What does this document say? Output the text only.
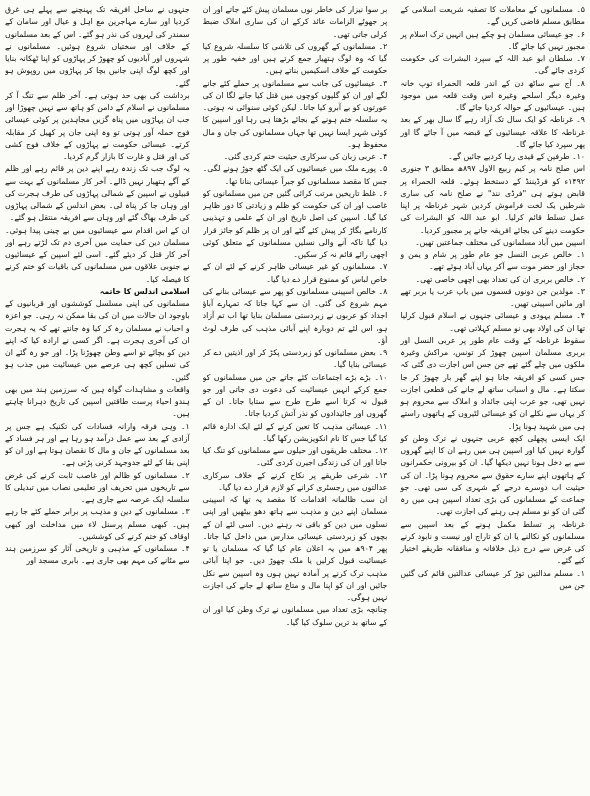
۵۔ مسلمانوں کے معاملات کا تصفیہ شریعت اسلامی کے مطابق مسلم قاضی کریں گے۔

۶۔ جو عیسائی مسلمان ہو چکے ہیں انہیں ترک اسلام پر مجبور نہیں کیا جائے گا۔

۷۔ سلطان ابو عبد اللہ کے سپرد البشرات کی حکومت کردی جائے گی۔

۸۔ آج سے ساٹھ دن کے اندر قلعہ الحمراء توپ خانہ وغیرہ دیگر اسلحے وغیرہ اس وقت قلعہ میں موجود ہیں۔ عیسائیوں کے حوالہ کردیا جائے گا۔

۹۔ غرناطہ کو ایک سال تک آزاد رہے گا سال بھر کے بعد غرناطہ کا علاقہ عیسائیوں کے قبضہ میں آ جائے گا اور پھر سپرد کیا جائے گا۔

۱۰۔ طرفین کے قیدی رہا کردیے جائیں گے۔

اس صلح نامہ پر کیم ربیع الاول ۸۹۷ھ مطابق ۳ جنوری ۱۴۹۲ء کو فرڈیننڈ کے دستخط ہوئے۔ قلعہ الحمراء پر قابض ہوتے ہی "فرڈی نند" نے صلح نامہ کی ساری شرطیں یک لخت فراموش کردیں شہر غرناطہ پر اپنا عمل تسلط قائم کرلیا۔ ابو عبد اللہ کو البشرات کی حکومت دینے کی بجائے افریقہ جانے پر مجبور کردیا۔

اسپین میں آباد مسلمانوں کی مختلف جماعتیں تھیں۔

۱۔ خالص عربی النسل جو عام طور پر شام و یمن و حجاز اور حضر موت سے آکر یہاں آباد ہوئے تھے۔

۲۔ خالص بربری ان کی تعداد بھی اچھی خاصی تھی۔

۳۔ مولدین جن دونوں قسموں میں باپ عرب یا بربر تھے اور مائیں اسپینی تھیں۔

۴۔ مسلم یہودی و عیسائی جنہوں نے اسلام قبول کرلیا تھا ان کی اولاد بھی نو مسلم کہلاتی تھی۔

سقوط غرناطہ کے وقت عام طور پر عربی النسل اور بربری مسلمان اسپین چھوڑ کر تونس، مراکش وغیرہ ملکوں میں چلے گئے تھے جن جس اس اجازت دی گئی کہ جس کسی کو افریقہ جانا ہو اپنے گھر بار چھوڑ کر جا سکتا ہے۔ مال و اسباب ساتھ لے جانے کی قطعی اجازت نہیں تھی، جو عرب اپنی جائداد و املاک سے محروم ہو کر یہاں سے نکلے ان کو عیسائی لٹیروں کے ہاتھوں راستے ہی میں شہید ہونا پڑا۔

ایک ایسی پچھلی کچھ عربی جنہوں نے ترک وطن کو گوارہ نہیں کیا اور اسپین ہی میں رہے ان کا اپنے گھروں سے بے دخل ہونا نہیں دیکھا گیا۔ ان کو بیرونی حکمرانوں کے ہاتھوں اپنے سارے حقوق سے محروم ہونا پڑا۔ ان کی حیثیت اب دوسرے درجے کے شہری کی سی تھی۔ جو جماعت کے مسلمانوں کی بڑی تعداد اسپین ہی میں رہ گئی ان کو نو مسلم ہی رہنے کی اجازت تھی۔

غرناطہ پر تسلط مکمل ہونے کے بعد اسپین سے مسلمانوں کو نکالنے یا ان کو تاراج اور نیست و نابود کرنے کی غرض سے درج ذیل خلافانہ و منافقانہ طریقے اختیار کیے گئے۔

۱۔ مسلم مدالتیں توڑ کر عیسائی عدالتیں قائم کی گئیں جن میں

بر سوا نیزار کی خاطر نوں مسلمان پیش کئے جاتے اور ان پر جھوٹے الزامات عائد کرکے ان کی ساری املاک ضبط کرلی جاتی تھی۔

۲۔ مسلمانوں کے گھروں کی تلاشی کا سلسلہ شروع کیا گیا کہ وہ لوگ ہتھیار جمع کرتے ہیں اور خفیہ طور پر حکومت کے خلاف اسکیمیں بناتے ہیں۔

۳۔ عیسائیوں کی جانب سے مسلمانوں پر حملے کئے جانے لگے اور ان کو گلیوں کوچوں میں قتل کیا جانے لگا ان کی عورتوں کو بے آبرو کیا جاتا۔ لیکن کوئی سنوائی نہ ہوتی۔ یہ سلسلہ ختم ہونے کے بجائے بڑھتا ہی رہا اور اسپین کا کوئی شہر ایسا نہیں تھا جہاں مسلمانوں کی جان و مال محفوظ ہو۔

۴۔ عربی زبان کی سرکاری حیثیت ختم کردی گئی۔

۵۔ پورے ملک میں عیسائیوں کی ایک گٹھ جوڑ ہونے لگی۔ جس کا مقصد مسلمانوں کو جبراً عیسائی بنانا تھا۔

۶۔ غلط تاریخیں مرتب کرائی گئیں جن میں مسلمانوں کو غاصب اور ان کی حکومت کو ظلم و زیادتی کا دور ظاہر کیا گیا۔ اسپین کی اصل تاریخ اور ان کے علمی و تہذیبی کارنامے بگاڑ کر پیش کئے گئے اور ان پر ظلم کو جائز قرار دیا گیا تاکہ آنے والی نسلیں مسلمانوں کے متعلق کوئی اچھی رائے قائم نہ کر سکیں۔

۷۔ مسلمانوں کو غیر عیسائی ظاہر کرنے کے لئے ان کے خاص لباس کو ممنوع قرار دے دیا گیا۔

۸۔ خالص اسپینی مسلمانوں کو پھر سے عیسائی بنانے کی مہم شروع کی گئی۔ ان سے کہا جاتا کہ تمہارے آباؤ اجداد کو عربوں نے زبردستی مسلمان بنایا تھا اب تم آزاد ہو، اس لئے تم دوبارہ اپنے آبائی مذہب کی طرف لوٹ آؤ۔

۹۔ بعض مسلمانوں کو زبردستی پکڑ کر اور اذیتیں دے کر عیسائی بنایا گیا۔

۱۰۔ بڑے بڑے اجتماعات کئے جاتے جن میں مسلمانوں کو جمع کرکے انہیں عیسائیت کی دعوت دی جاتی اور جو قبول نہ کرتا اسے طرح طرح سے ستایا جاتا۔ ان کے گھروں اور جائیدادوں کو نذر آتش کردیا جاتا۔

۱۱۔ عیسائی مذہب کا تعین کرنے کے لئے ایک ادارہ قائم کیا گیا جس کا نام انکویزیشن رکھا گیا۔

۱۲۔ مختلف طریقوں اور حیلوں سے مسلمانوں کو تنگ کیا جاتا اور ان کی زندگی اجیرن کردی گئی۔

۱۳۔ شرعی طریقے پر نکاح کرنے کے خلاف سرکاری عدالتوں میں رجسٹری کرانے کو لازم قرار دے دیا گیا۔

ان سب ظالمانہ اقدامات کا مقصد یہ تھا کہ اسپینی مسلمان اپنے دین و مذہب سے ہاتھ دھو بیٹھیں اور اپنی نسلوں میں دین کو باقی نہ رہنے دیں۔ اسی لئے ان کے بچوں کو زبردستی عیسائی مدارس میں داخل کیا جاتا۔ پھر ۹۰۴ھ میں یہ اعلان عام کیا گیا کہ مسلمان یا تو عیسائیت قبول کرلیں یا ملک چھوڑ دیں۔ جو اپنا آبائی مذہب ترک کرنے پر آمادہ نہیں ہوں وہ اسپین سے نکل جائیں اور ان کو اپنا مال و متاع ساتھ لے جانے کی اجازت نہیں ہوگی۔

چنانچہ بڑی تعداد میں مسلمانوں نے ترک وطن کیا اور ان کے ساتھ بد ترین سلوک کیا گیا۔

جنہوں نے ساحل افریقہ تک پہنچنے سے پہلے ہی غرق کردیا اور سارے مہاجرین مع اہل و عیال اور سامان کے سمندر کی لہروں کی نذر ہو گئے۔ اس کے بعد مسلمانوں کے خلاف اور سختیاں شروع ہوئیں۔ مسلمانوں نے شہروں اور آبادیوں کو چھوڑ کر پہاڑوں کو اپنا ٹھکانہ بنایا اور کچھ لوگ اپنی جانیں بچا کر پہاڑوں میں روپوش ہو گئے۔

برداشت کی بھی حد ہوتی ہے۔ آخر ظلم سے تنگ آ کر مسلمانوں نے اسلام کے دامن کو ہاتھ سے نہیں چھوڑا اور جب ان پہاڑوں میں پناہ گزیں مجاہدین پر کوئی عیسائی فوج حملہ آور ہوتی تو وہ اپنی جان پر کھیل کر مقابلہ کرتے۔ عیسائی حکومت نے پہاڑوں کے خلاف فوج کشی کی اور قتل و غارت کا بازار گرم کردیا۔

یہ لوگ جب تک زندہ رہے اپنے دین پر قائم رہے اور ظلم کے آگے ہتھیار نہیں ڈالے۔ آخر کار مسلمانوں کے بہت سے قبیلوں نے اسپین کے شمالی پہاڑوں کی طرف ہجرت کی اور وہاں جا کر پناہ لی۔ بعض اندلس کے شمالی پہاڑوں کی طرف بھاگ گئے اور وہاں سے افریقہ منتقل ہو گئے۔

ان کے اس اقدام سے عیسائیوں میں بے چینی پیدا ہوئی۔ مسلمان دین کی حمایت میں آخری دم تک لڑتے رہے اور آخر کار قتل کر دیئے گئے۔ اسی لئے اسپین کے عیسائیوں نے جنوبی علاقوں میں مسلمانوں کی باقیات کو ختم کرنے کا فیصلہ کیا۔

اسلامی اندلس کا خاتمہ

مسلمانوں کی اپنی مسلسل کوششوں اور قربانیوں کے باوجود ان حالات میں ان کی بقا ممکن نہ رہی۔ جو اعزہ و احباب نے مسلمان رہ کر کیا وہ جانتے تھے کہ یہ ہجرت ان کی آخری ہجرت ہے۔ اگر کسی نے ارادہ کیا کہ اپنے دین کو بچائے تو اسے وطن چھوڑنا پڑا۔ اور جو رہ گئے ان کی نسلیں کچھ ہی عرصے میں عیسائیت میں جذب ہو گئیں۔

واقعات و مشاہدات گواہ ہیں کہ سرزمین ہند میں بھی ہندو احیاء پرست طاقتیں اسپین کی تاریخ دہرانا چاہتے ہیں۔

۱۔ وہی فرقہ وارانہ فسادات کی تکنیک ہے جس پر آزادی کے بعد سے عمل درآمد ہو رہا ہے اور ہر فساد کے بعد مسلمانوں کے جان و مال کا نقصان ہوتا ہے اور ان کو اپنی بقا کے لئے جدوجہد کرنی پڑتی ہے۔

۲۔ مسلمانوں کو ظالم اور غاصب ثابت کرنے کی غرض سے تاریخوں میں تحریف اور تعلیمی نصاب میں تبدیلی کا سلسلہ ایک عرصہ سے جاری ہے۔

۳۔ مسلمانوں کے دین و مذہب پر برابر حملے کئے جا رہے ہیں۔ کبھی مسلم پرسنل لاء میں مداخلت اور کبھی اوقاف کو ختم کرنے کی کوششیں۔

۴۔ مسلمانوں کے مذہبی و تاریخی آثار کو سرزمین ہند سے مٹانے کی مہم بھی جاری ہے۔ بابری مسجد اور
